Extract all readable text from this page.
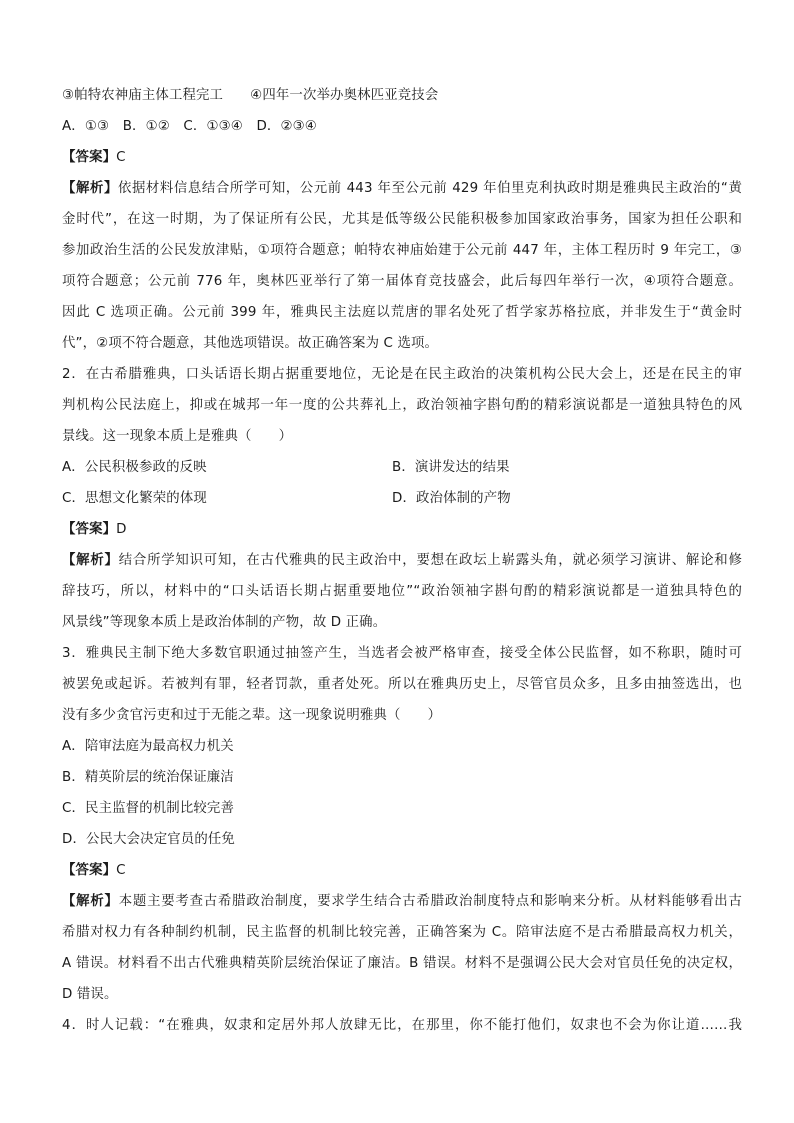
③帕特农神庙主体工程完工　　④四年一次举办奥林匹亚竞技会
A．①③　B．①②　C．①③④　D．②③④
【答案】C
【解析】依据材料信息结合所学可知，公元前 443 年至公元前 429 年伯里克利执政时期是雅典民主政治的“黄
金时代”，在这一时期，为了保证所有公民，尤其是低等级公民能积极参加国家政治事务，国家为担任公职和
参加政治生活的公民发放津贴，①项符合题意；帕特农神庙始建于公元前 447 年，主体工程历时 9 年完工，③
项符合题意；公元前 776 年，奥林匹亚举行了第一届体育竞技盛会，此后每四年举行一次，④项符合题意。
因此 C 选项正确。公元前 399 年，雅典民主法庭以荒唐的罪名处死了哲学家苏格拉底，并非发生于“黄金时
代”，②项不符合题意，其他选项错误。故正确答案为 C 选项。
2．在古希腊雅典，口头话语长期占据重要地位，无论是在民主政治的决策机构公民大会上，还是在民主的审
判机构公民法庭上，抑或在城邦一年一度的公共葬礼上，政治领袖字斟句酌的精彩演说都是一道独具特色的风
景线。这一现象本质上是雅典（　　）
A．公民积极参政的反映	B．演讲发达的结果
C．思想文化繁荣的体现	D．政治体制的产物
【答案】D
【解析】结合所学知识可知，在古代雅典的民主政治中，要想在政坛上崭露头角，就必须学习演讲、解论和修
辞技巧，所以，材料中的“口头话语长期占据重要地位”“政治领袖字斟句酌的精彩演说都是一道独具特色的
风景线”等现象本质上是政治体制的产物，故 D 正确。
3．雅典民主制下绝大多数官职通过抽签产生，当选者会被严格审查，接受全体公民监督，如不称职，随时可
被罢免或起诉。若被判有罪，轻者罚款，重者处死。所以在雅典历史上，尽管官员众多，且多由抽签选出，也
没有多少贪官污吏和过于无能之辈。这一现象说明雅典（　　）
A．陪审法庭为最高权力机关
B．精英阶层的统治保证廉洁
C．民主监督的机制比较完善
D．公民大会决定官员的任免
【答案】C
【解析】本题主要考查古希腊政治制度，要求学生结合古希腊政治制度特点和影响来分析。从材料能够看出古
希腊对权力有各种制约机制，民主监督的机制比较完善，正确答案为 C。陪审法庭不是古希腊最高权力机关，
A 错误。材料看不出古代雅典精英阶层统治保证了廉洁。B 错误。材料不是强调公民大会对官员任免的决定权，
D 错误。
4．时人记载：“在雅典，奴隶和定居外邦人放肆无比，在那里，你不能打他们，奴隶也不会为你让道……我
